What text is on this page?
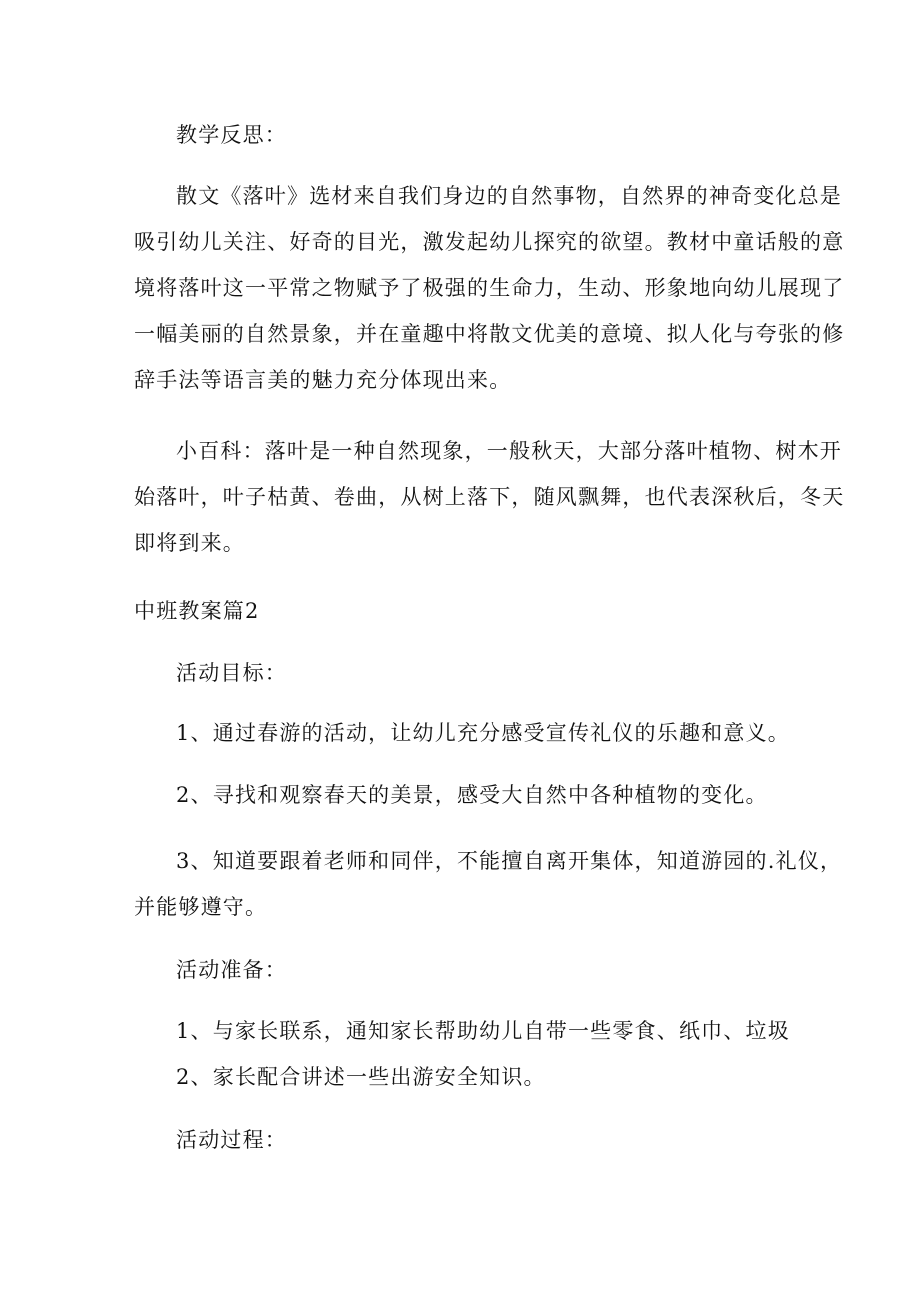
教学反思：
散文《落叶》选材来自我们身边的自然事物，自然界的神奇变化总是
吸引幼儿关注、好奇的目光，激发起幼儿探究的欲望。教材中童话般的意
境将落叶这一平常之物赋予了极强的生命力，生动、形象地向幼儿展现了
一幅美丽的自然景象，并在童趣中将散文优美的意境、拟人化与夸张的修
辞手法等语言美的魅力充分体现出来。
小百科：落叶是一种自然现象，一般秋天，大部分落叶植物、树木开
始落叶，叶子枯黄、卷曲，从树上落下，随风飘舞，也代表深秋后，冬天
即将到来。
中班教案篇2
活动目标：
1、通过春游的活动，让幼儿充分感受宣传礼仪的乐趣和意义。
2、寻找和观察春天的美景，感受大自然中各种植物的变化。
3、知道要跟着老师和同伴，不能擅自离开集体，知道游园的.礼仪，
并能够遵守。
活动准备：
1、与家长联系，通知家长帮助幼儿自带一些零食、纸巾、垃圾
2、家长配合讲述一些出游安全知识。
活动过程：
